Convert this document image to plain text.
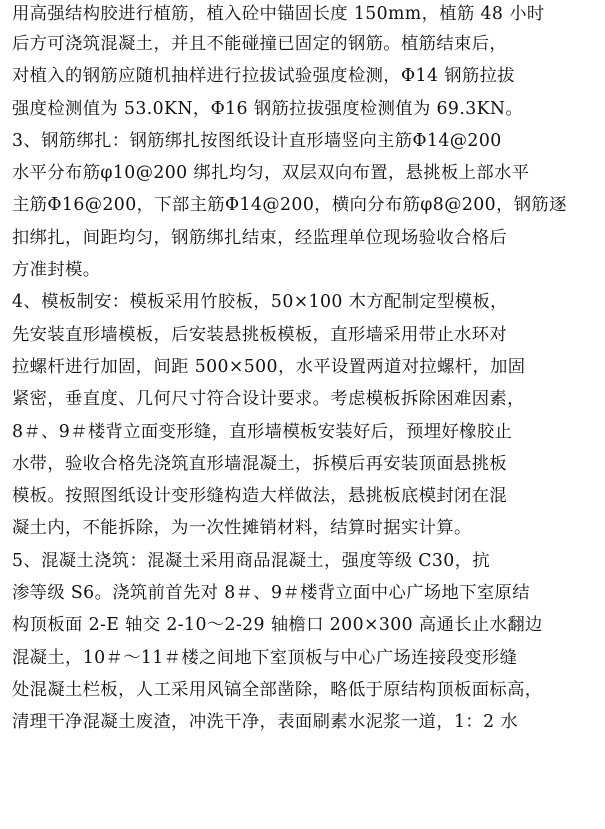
用高强结构胶进行植筋，植入砼中锚固长度 150mm，植筋 48 小时
后方可浇筑混凝土，并且不能碰撞已固定的钢筋。植筋结束后，
对植入的钢筋应随机抽样进行拉拔试验强度检测，Φ14 钢筋拉拔
强度检测值为 53.0KN，Φ16 钢筋拉拔强度检测值为 69.3KN。
3、钢筋绑扎：钢筋绑扎按图纸设计直形墙竖向主筋Φ14@200
水平分布筋φ10@200 绑扎均匀，双层双向布置，悬挑板上部水平
主筋Φ16@200，下部主筋Φ14@200，横向分布筋φ8@200，钢筋逐
扣绑扎，间距均匀，钢筋绑扎结束，经监理单位现场验收合格后
方准封模。
4、模板制安：模板采用竹胶板，50×100 木方配制定型模板，
先安装直形墙模板，后安装悬挑板模板，直形墙采用带止水环对
拉螺杆进行加固，间距 500×500，水平设置两道对拉螺杆，加固
紧密，垂直度、几何尺寸符合设计要求。考虑模板拆除困难因素，
8＃、9＃楼背立面变形缝，直形墙模板安装好后，预埋好橡胶止
水带，验收合格先浇筑直形墙混凝土，拆模后再安装顶面悬挑板
模板。按照图纸设计变形缝构造大样做法，悬挑板底模封闭在混
凝土内，不能拆除，为一次性摊销材料，结算时据实计算。
5、混凝土浇筑：混凝土采用商品混凝土，强度等级 C30，抗
渗等级 S6。浇筑前首先对 8＃、9＃楼背立面中心广场地下室原结
构顶板面 2-E 轴交 2-10～2-29 轴檐口 200×300 高通长止水翻边
混凝土，10＃～11＃楼之间地下室顶板与中心广场连接段变形缝
处混凝土栏板，人工采用风镐全部凿除，略低于原结构顶板面标高，
清理干净混凝土废渣，冲洗干净，表面刷素水泥浆一道，1：2 水
